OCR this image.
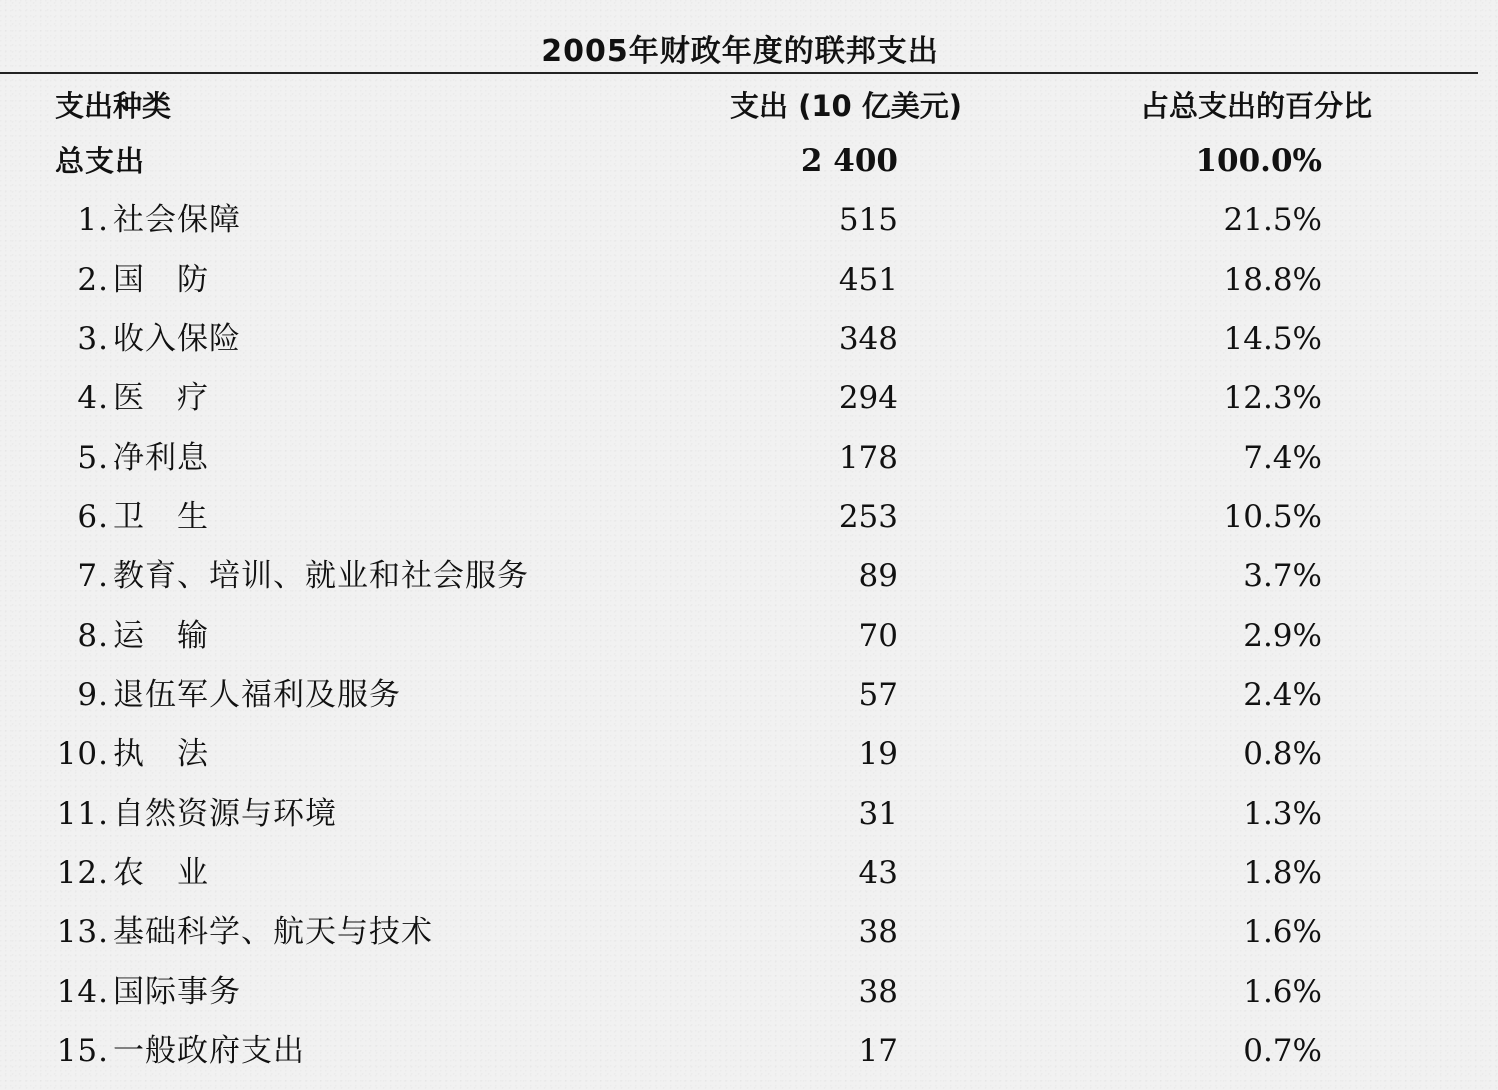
2005年财政年度的联邦支出
支出种类	支出 (10 亿美元)	占总支出的百分比
总支出	2 400	100.0%
1. 社会保障	515	21.5%
2. 国　防	451	18.8%
3. 收入保险	348	14.5%
4. 医　疗	294	12.3%
5. 净利息	178	7.4%
6. 卫　生	253	10.5%
7. 教育、培训、就业和社会服务	89	3.7%
8. 运　输	70	2.9%
9. 退伍军人福利及服务	57	2.4%
10. 执　法	19	0.8%
11. 自然资源与环境	31	1.3%
12. 农　业	43	1.8%
13. 基础科学、航天与技术	38	1.6%
14. 国际事务	38	1.6%
15. 一般政府支出	17	0.7%
